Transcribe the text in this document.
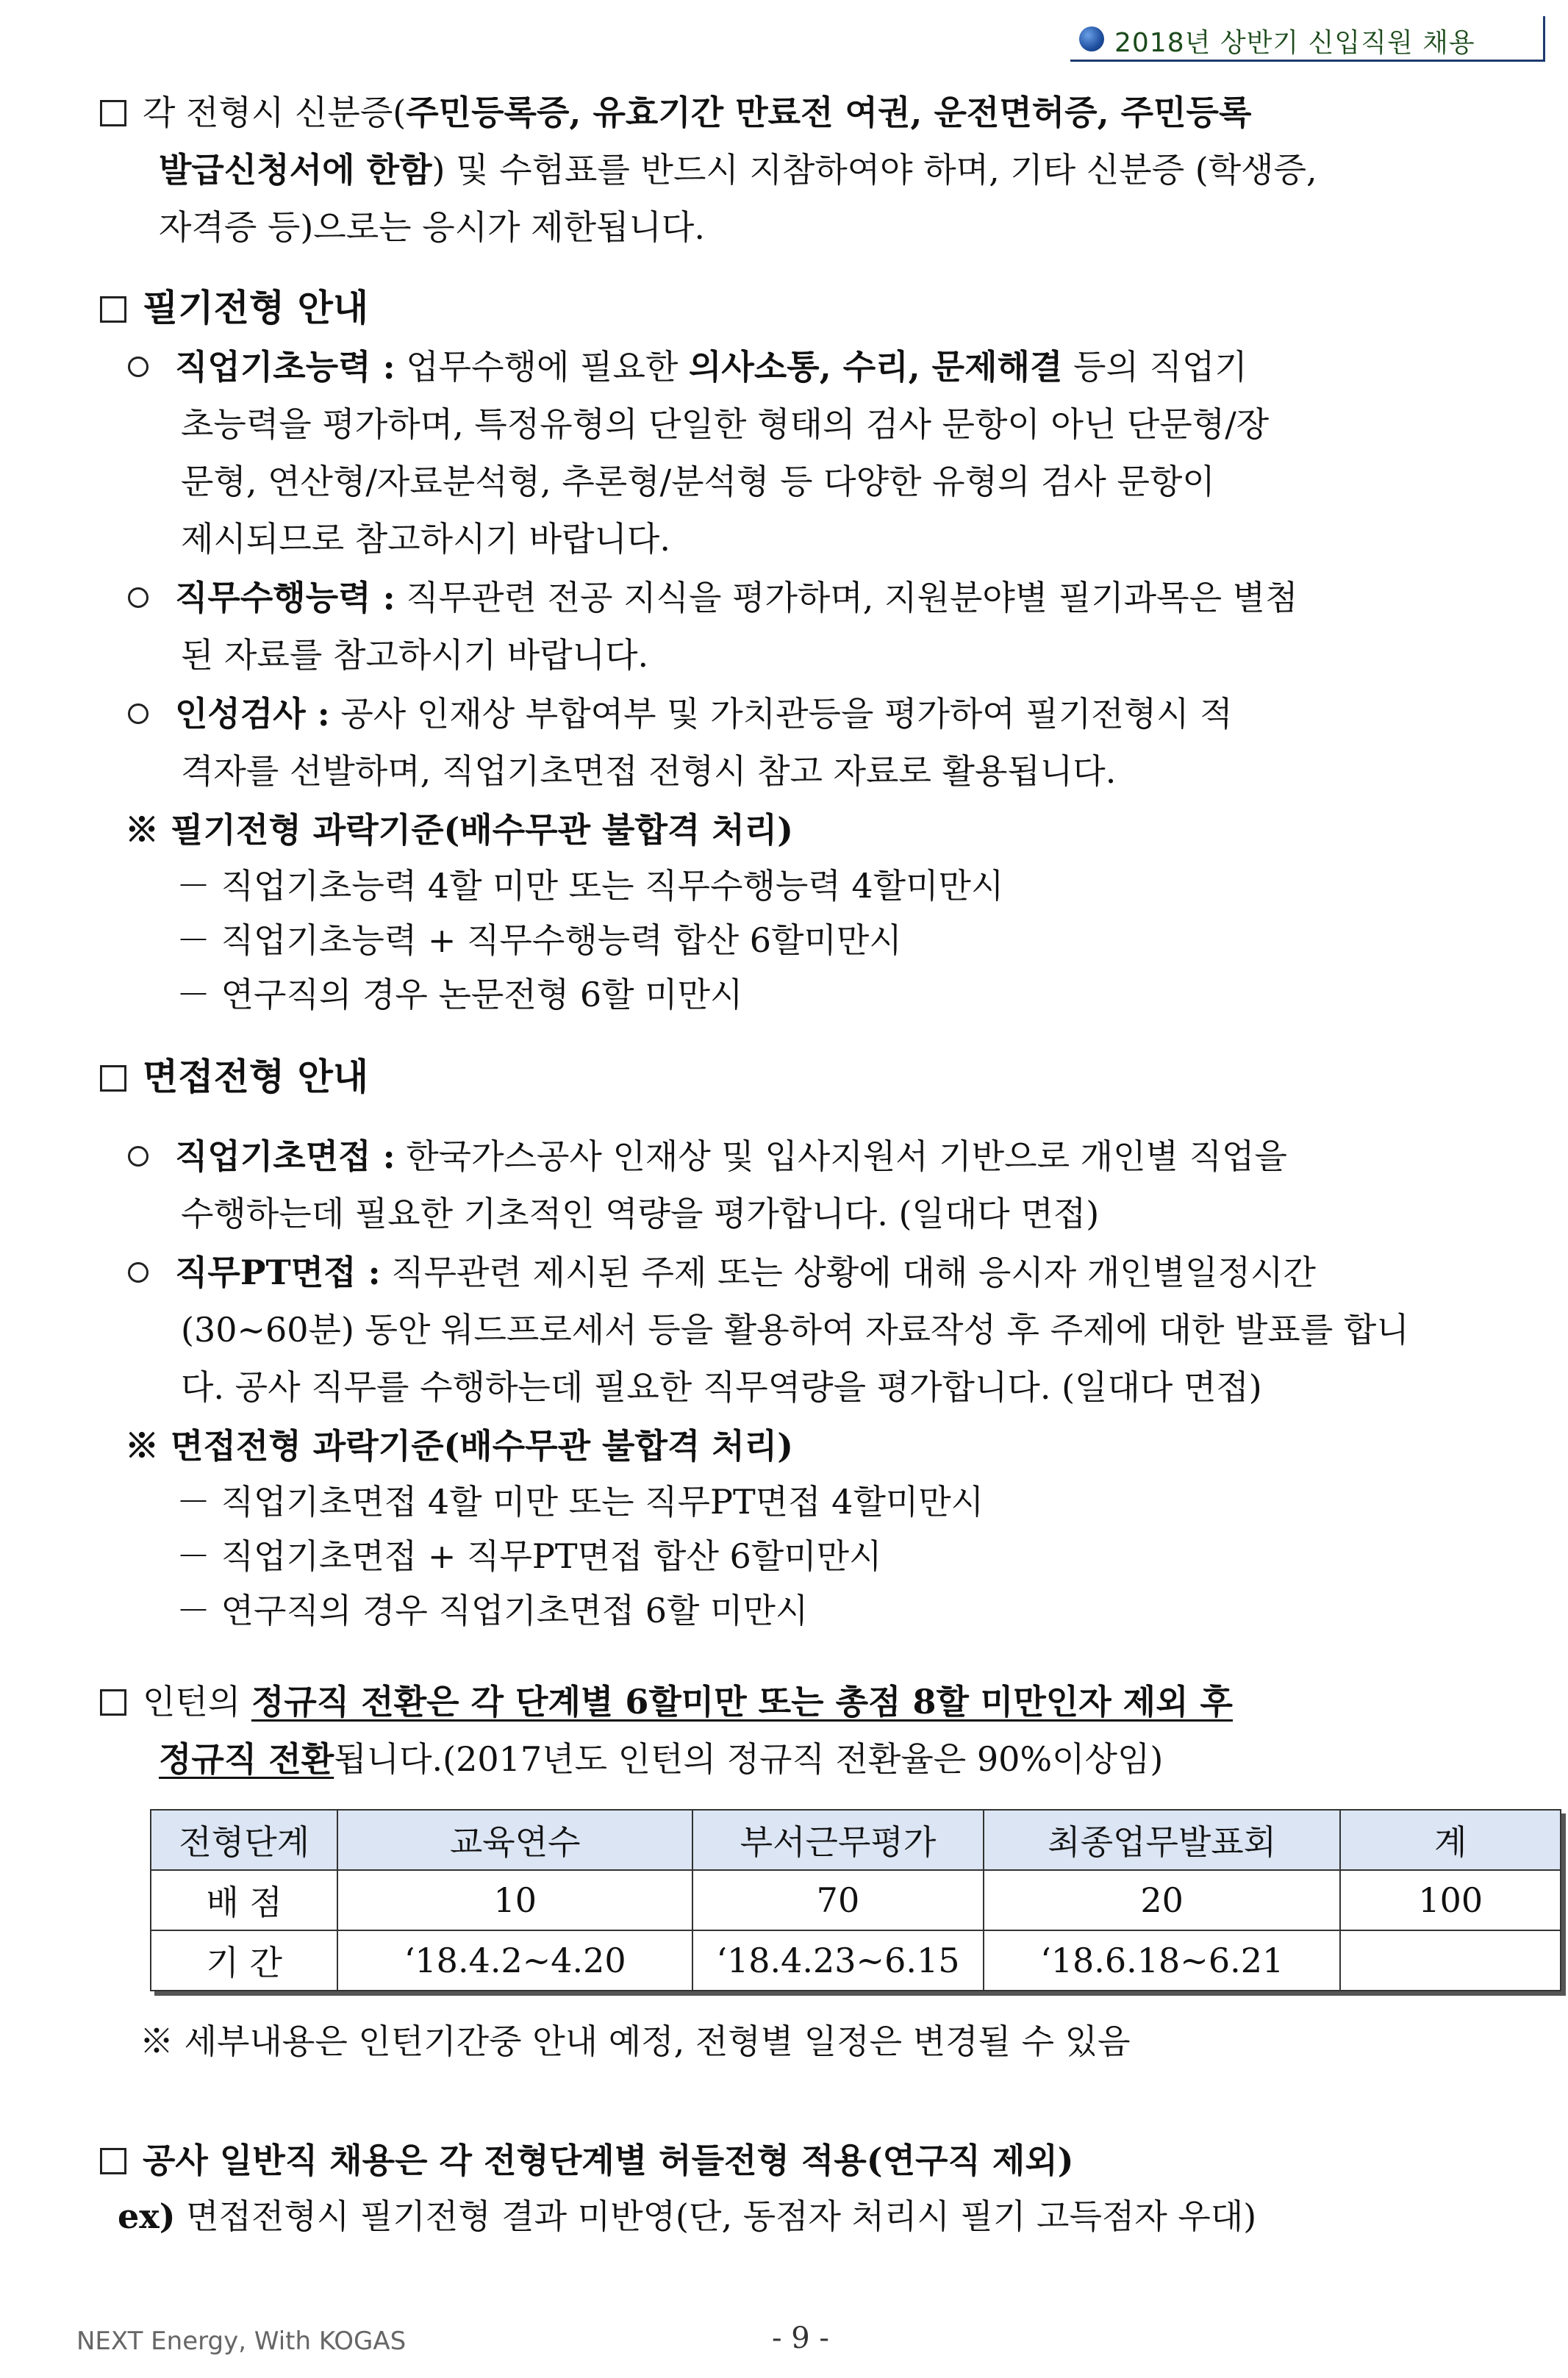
2018년 상반기 신입직원 채용
각 전형시 신분증(주민등록증, 유효기간 만료전 여권, 운전면허증, 주민등록
발급신청서에 한함) 및 수험표를 반드시 지참하여야 하며, 기타 신분증 (학생증,
자격증 등)으로는 응시가 제한됩니다.
필기전형 안내
직업기초능력 : 업무수행에 필요한 의사소통, 수리, 문제해결 등의 직업기
초능력을 평가하며, 특정유형의 단일한 형태의 검사 문항이 아닌 단문형/장
문형, 연산형/자료분석형, 추론형/분석형 등 다양한 유형의 검사 문항이
제시되므로 참고하시기 바랍니다.
직무수행능력 : 직무관련 전공 지식을 평가하며, 지원분야별 필기과목은 별첨
된 자료를 참고하시기 바랍니다.
인성검사 : 공사 인재상 부합여부 및 가치관등을 평가하여 필기전형시 적
격자를 선발하며, 직업기초면접 전형시 참고 자료로 활용됩니다.
※ 필기전형 과락기준(배수무관 불합격 처리)
－ 직업기초능력 4할 미만 또는 직무수행능력 4할미만시
－ 직업기초능력 + 직무수행능력 합산 6할미만시
－ 연구직의 경우 논문전형 6할 미만시
면접전형 안내
직업기초면접 : 한국가스공사 인재상 및 입사지원서 기반으로 개인별 직업을
수행하는데 필요한 기초적인 역량을 평가합니다. (일대다 면접)
직무PT면접 : 직무관련 제시된 주제 또는 상황에 대해 응시자 개인별일정시간
(30~60분) 동안 워드프로세서 등을 활용하여 자료작성 후 주제에 대한 발표를 합니
다. 공사 직무를 수행하는데 필요한 직무역량을 평가합니다. (일대다 면접)
※ 면접전형 과락기준(배수무관 불합격 처리)
－ 직업기초면접 4할 미만 또는 직무PT면접 4할미만시
－ 직업기초면접 + 직무PT면접 합산 6할미만시
－ 연구직의 경우 직업기초면접 6할 미만시
인턴의 정규직 전환은 각 단계별 6할미만 또는 총점 8할 미만인자 제외 후
정규직 전환됩니다.(2017년도 인턴의 정규직 전환율은 90%이상임)
전형단계	교육연수	부서근무평가	최종업무발표회	계
배 점	10	70	20	100
기 간	‘18.4.2~4.20	‘18.4.23~6.15	‘18.6.18~6.21	
※ 세부내용은 인턴기간중 안내 예정, 전형별 일정은 변경될 수 있음
공사 일반직 채용은 각 전형단계별 허들전형 적용(연구직 제외)
ex) 면접전형시 필기전형 결과 미반영(단, 동점자 처리시 필기 고득점자 우대)
NEXT Energy, With KOGAS	- 9 -
